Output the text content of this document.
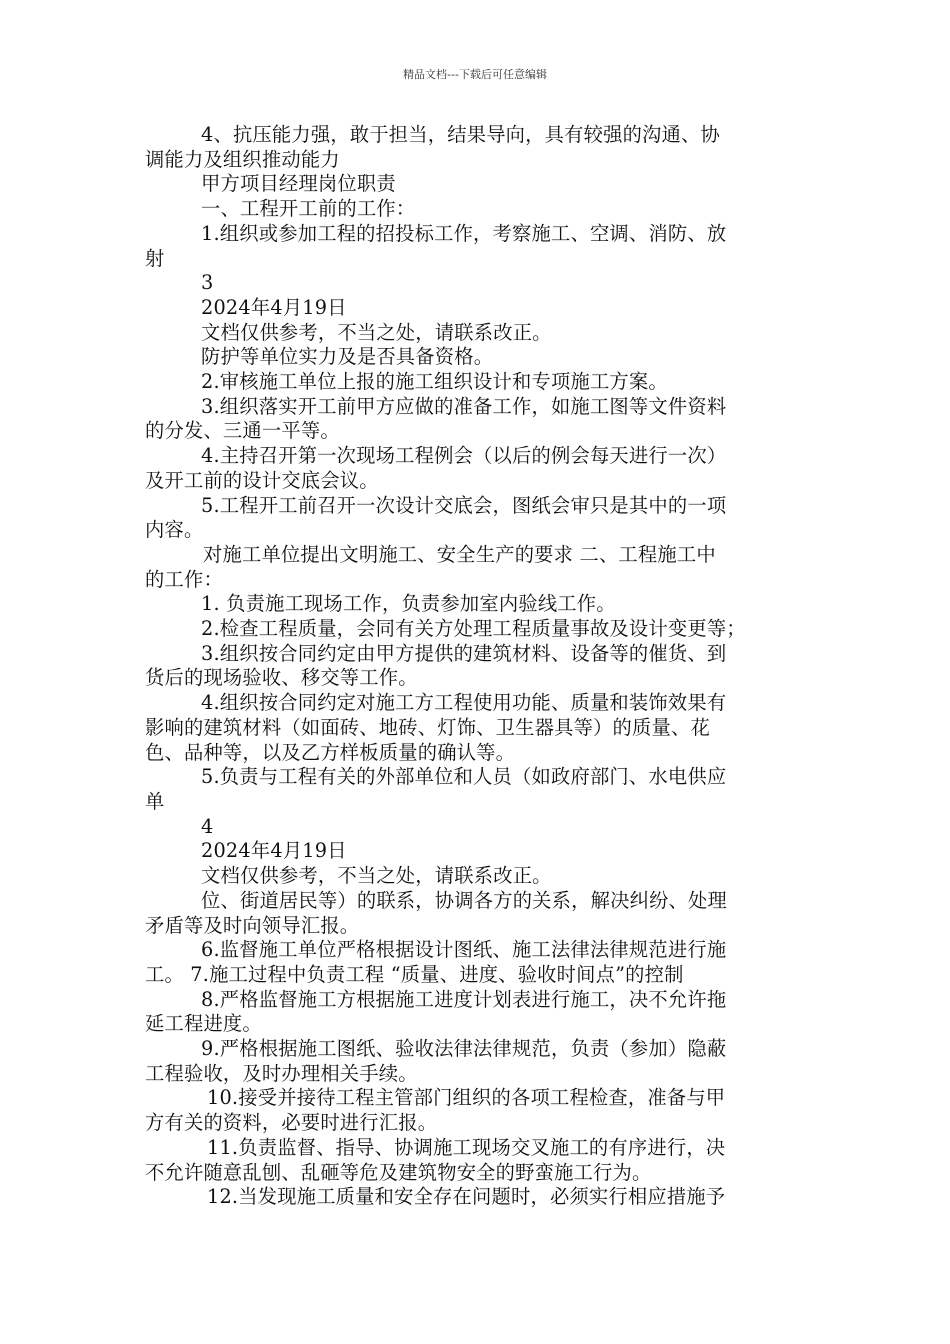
精品文档---下载后可任意编辑
4、抗压能力强，敢于担当，结果导向，具有较强的沟通、协
调能力及组织推动能力
甲方项目经理岗位职责
一、工程开工前的工作：
1.组织或参加工程的招投标工作，考察施工、空调、消防、放
射
3
2024年4月19日
文档仅供参考，不当之处，请联系改正。
防护等单位实力及是否具备资格。
2.审核施工单位上报的施工组织设计和专项施工方案。
3.组织落实开工前甲方应做的准备工作，如施工图等文件资料
的分发、三通一平等。
4.主持召开第一次现场工程例会（以后的例会每天进行一次）
及开工前的设计交底会议。
5.工程开工前召开一次设计交底会，图纸会审只是其中的一项
内容。
对施工单位提出文明施工、安全生产的要求 二、工程施工中
的工作：
1. 负责施工现场工作，负责参加室内验线工作。
2.检查工程质量，会同有关方处理工程质量事故及设计变更等；
3.组织按合同约定由甲方提供的建筑材料、设备等的催货、到
货后的现场验收、移交等工作。
4.组织按合同约定对施工方工程使用功能、质量和装饰效果有
影响的建筑材料（如面砖、地砖、灯饰、卫生器具等）的质量、花
色、品种等，以及乙方样板质量的确认等。
5.负责与工程有关的外部单位和人员（如政府部门、水电供应
单
4
2024年4月19日
文档仅供参考，不当之处，请联系改正。
位、街道居民等）的联系，协调各方的关系，解决纠纷、处理
矛盾等及时向领导汇报。
6.监督施工单位严格根据设计图纸、施工法律法律规范进行施
工。 7.施工过程中负责工程 “质量、进度、验收时间点”的控制
8.严格监督施工方根据施工进度计划表进行施工，决不允许拖
延工程进度。
9.严格根据施工图纸、验收法律法律规范，负责（参加）隐蔽
工程验收，及时办理相关手续。
10.接受并接待工程主管部门组织的各项工程检查，准备与甲
方有关的资料，必要时进行汇报。
11.负责监督、指导、协调施工现场交叉施工的有序进行，决
不允许随意乱刨、乱砸等危及建筑物安全的野蛮施工行为。
12.当发现施工质量和安全存在问题时，必须实行相应措施予
